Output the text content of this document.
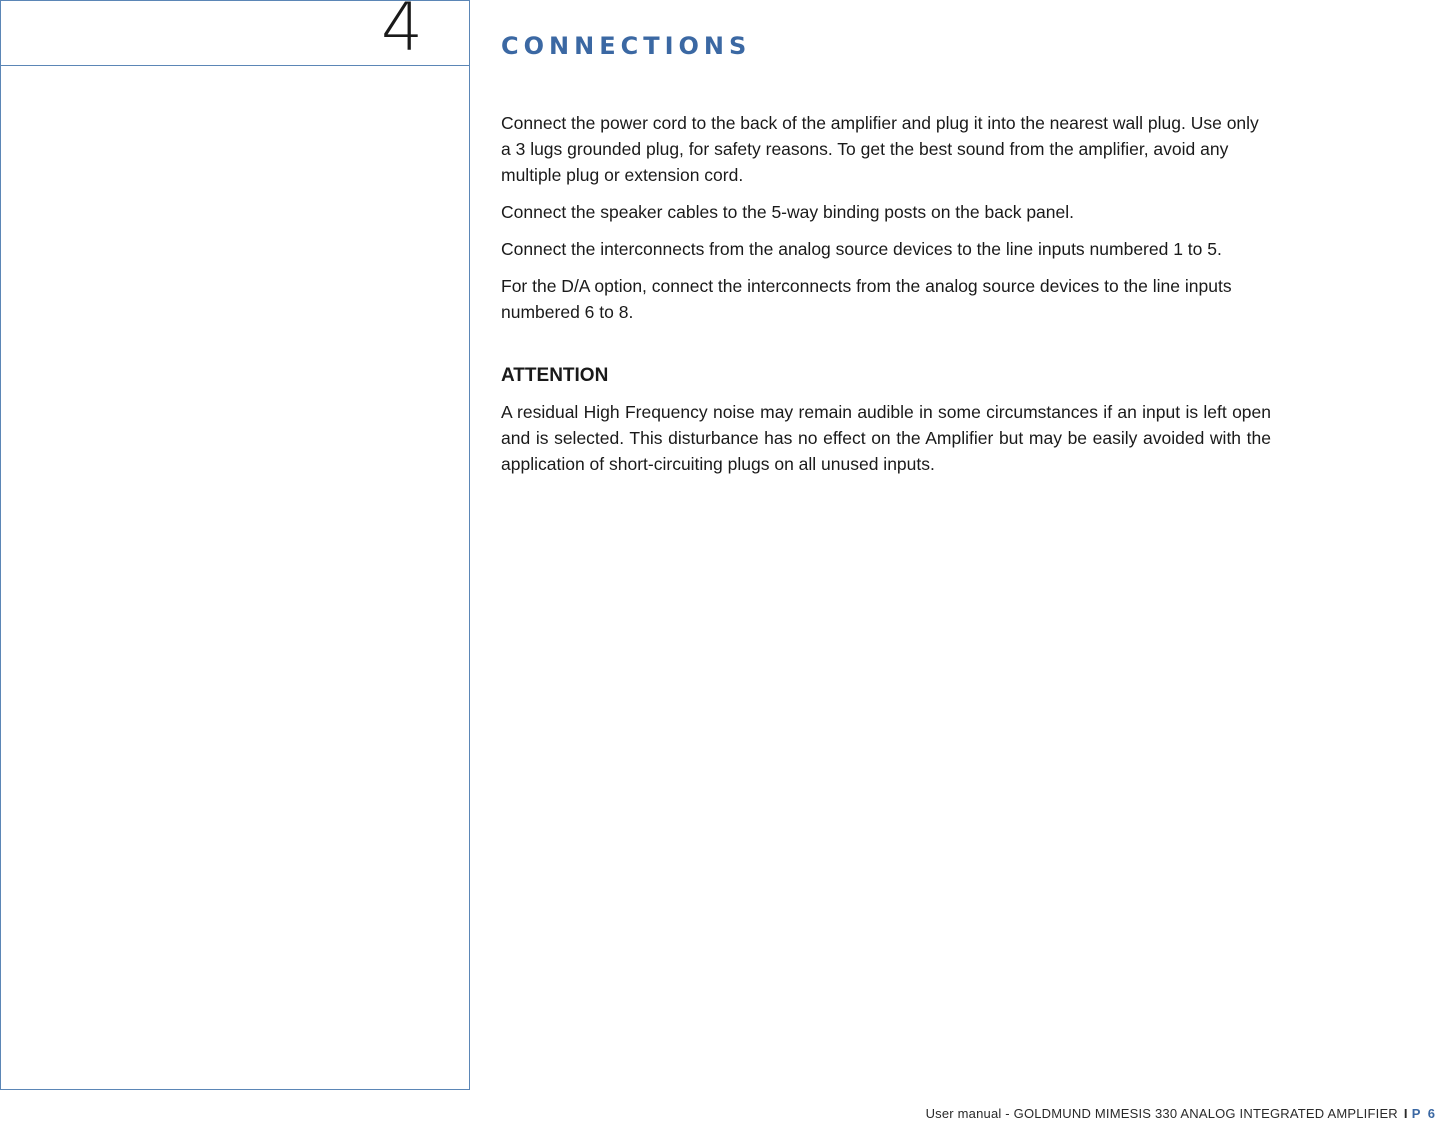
4	CONNECTIONS

Connect the power cord to the back of the amplifier and plug it into the nearest wall plug. Use only a 3 lugs grounded plug, for safety reasons. To get the best sound from the amplifier, avoid any multiple plug or extension cord.

Connect the speaker cables to the 5-way binding posts on the back panel.

Connect the interconnects from the analog source devices to the line inputs numbered 1 to 5.

For the D/A option, connect the interconnects from the analog source devices to the line inputs numbered 6 to 8.

ATTENTION

A residual High Frequency noise may remain audible in some circumstances if an input is left open and is selected. This disturbance has no effect on the Amplifier but may be easily avoided with the application of short-circuiting plugs on all unused inputs.

User manual - GOLDMUND MIMESIS 330 ANALOG INTEGRATED AMPLIFIER I P 6
